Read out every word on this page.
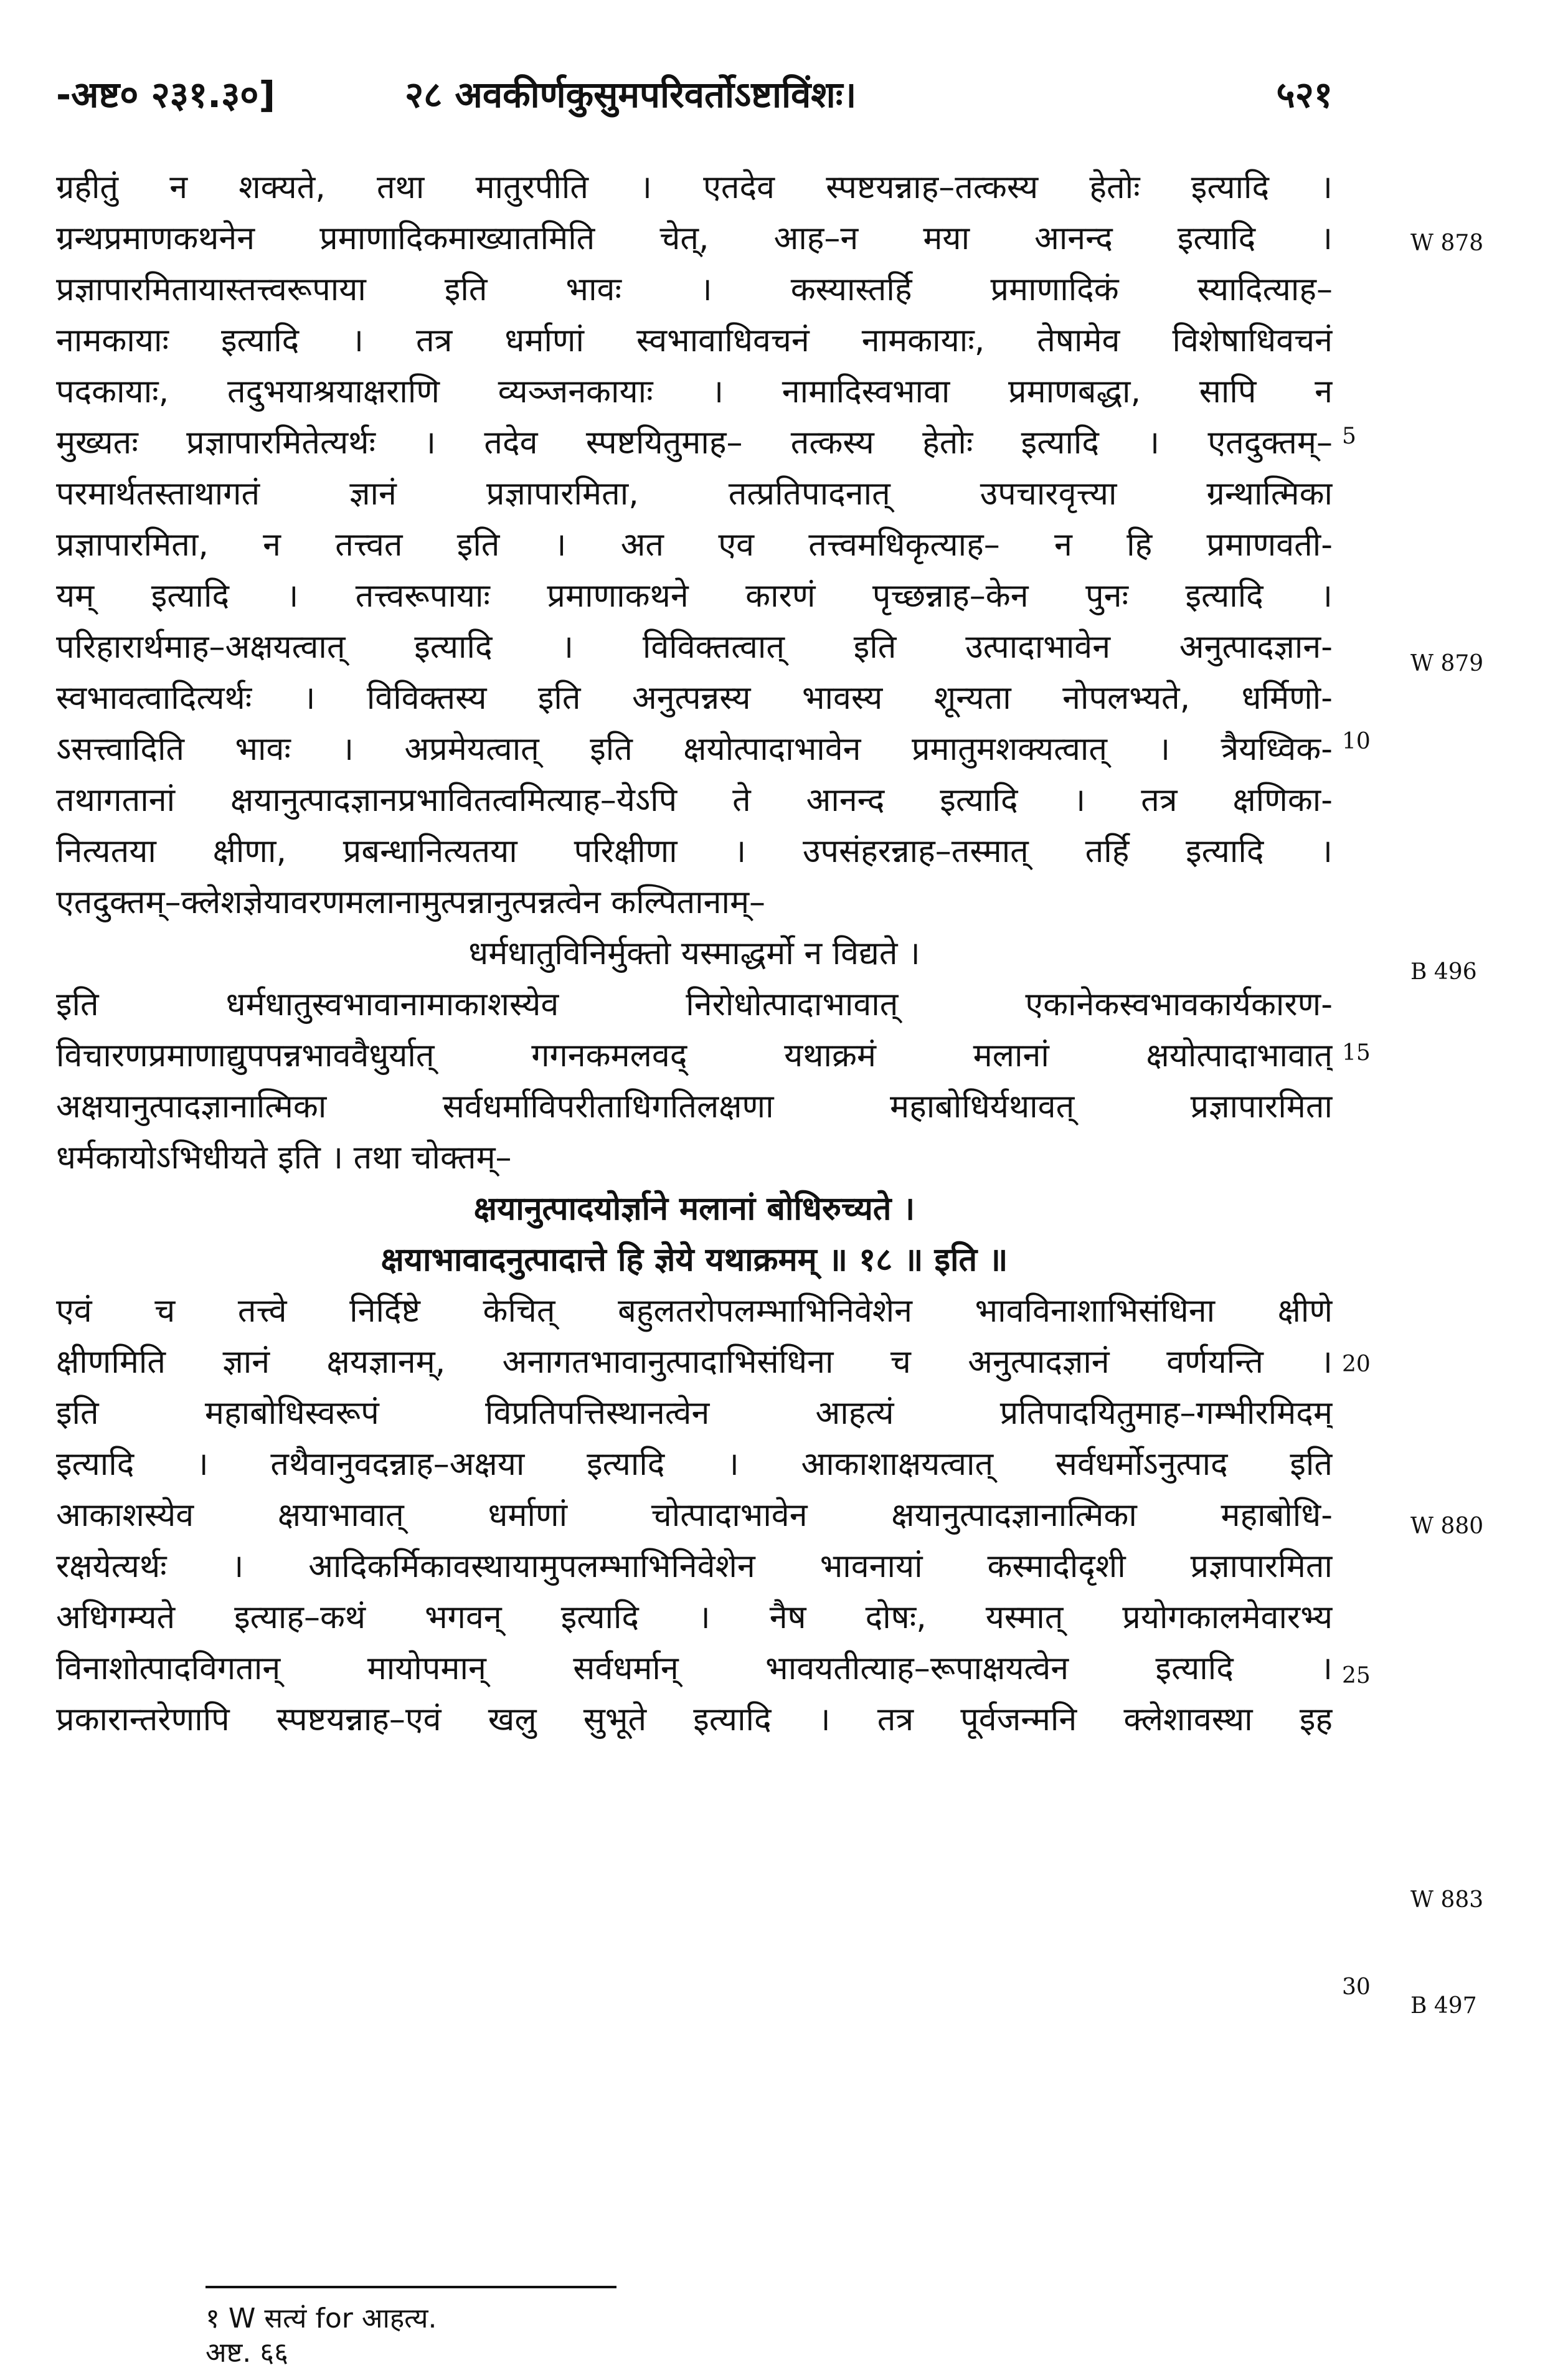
-अष्ट० २३१.३०]	२८ अवकीर्णकुसुमपरिवर्तोऽष्टाविंशः।	५२१
ग्रहीतुं न शक्यते, तथा मातुरपीति । एतदेव स्पष्टयन्नाह–तत्कस्य हेतोः इत्यादि ।
ग्रन्थप्रमाणकथनेन प्रमाणादिकमाख्यातमिति चेत्, आह–न मया आनन्द इत्यादि ।
प्रज्ञापारमितायास्तत्त्वरूपाया इति भावः । कस्यास्तर्हि प्रमाणादिकं स्यादित्याह–
नामकायाः इत्यादि । तत्र धर्माणां स्वभावाधिवचनं नामकायाः, तेषामेव विशेषाधिवचनं
पदकायाः, तदुभयाश्रयाक्षराणि व्यञ्जनकायाः । नामादिस्वभावा प्रमाणबद्धा, सापि न
मुख्यतः प्रज्ञापारमितेत्यर्थः । तदेव स्पष्टयितुमाह– तत्कस्य हेतोः इत्यादि । एतदुक्तम्–
परमार्थतस्ताथागतं ज्ञानं प्रज्ञापारमिता, तत्प्रतिपादनात् उपचारवृत्त्या ग्रन्थात्मिका
प्रज्ञापारमिता, न तत्त्वत इति । अत एव तत्त्वमधिकृत्याह– न हि प्रमाणवती-
यम् इत्यादि । तत्त्वरूपायाः प्रमाणाकथने कारणं पृच्छन्नाह–केन पुनः इत्यादि ।
परिहारार्थमाह–अक्षयत्वात् इत्यादि । विविक्तत्वात् इति उत्पादाभावेन अनुत्पादज्ञान-
स्वभावत्वादित्यर्थः । विविक्तस्य इति अनुत्पन्नस्य भावस्य शून्यता नोपलभ्यते, धर्मिणो-
ऽसत्त्वादिति भावः । अप्रमेयत्वात् इति क्षयोत्पादाभावेन प्रमातुमशक्यत्वात् । त्रैयध्विक-
तथागतानां क्षयानुत्पादज्ञानप्रभावितत्वमित्याह–येऽपि ते आनन्द इत्यादि । तत्र क्षणिका-
नित्यतया क्षीणा, प्रबन्धानित्यतया परिक्षीणा । उपसंहरन्नाह–तस्मात् तर्हि इत्यादि ।
एतदुक्तम्–क्लेशज्ञेयावरणमलानामुत्पन्नानुत्पन्नत्वेन कल्पितानाम्–
धर्मधातुविनिर्मुक्तो यस्माद्धर्मो न विद्यते ।
इति धर्मधातुस्वभावानामाकाशस्येव निरोधोत्पादाभावात् एकानेकस्वभावकार्यकारण-
विचारणप्रमाणाद्युपपन्नभाववैधुर्यात् गगनकमलवद् यथाक्रमं मलानां क्षयोत्पादाभावात्
अक्षयानुत्पादज्ञानात्मिका सर्वधर्माविपरीताधिगतिलक्षणा महाबोधिर्यथावत् प्रज्ञापारमिता
धर्मकायोऽभिधीयते इति । तथा चोक्तम्–
क्षयानुत्पादयोर्ज्ञाने मलानां बोधिरुच्यते ।
क्षयाभावादनुत्पादात्ते हि ज्ञेये यथाक्रमम् ॥ १८ ॥ इति ॥
एवं च तत्त्वे निर्दिष्टे केचित् बहुलतरोपलम्भाभिनिवेशेन भावविनाशाभिसंधिना क्षीणे
क्षीणमिति ज्ञानं क्षयज्ञानम्, अनागतभावानुत्पादाभिसंधिना च अनुत्पादज्ञानं वर्णयन्ति ।
इति महाबोधिस्वरूपं विप्रतिपत्तिस्थानत्वेन आहत्यं प्रतिपादयितुमाह–गम्भीरमिदम्
इत्यादि । तथैवानुवदन्नाह–अक्षया इत्यादि । आकाशाक्षयत्वात् सर्वधर्मोऽनुत्पाद इति
आकाशस्येव क्षयाभावात् धर्माणां चोत्पादाभावेन क्षयानुत्पादज्ञानात्मिका महाबोधि-
रक्षयेत्यर्थः । आदिकर्मिकावस्थायामुपलम्भाभिनिवेशेन भावनायां कस्मादीदृशी प्रज्ञापारमिता
अधिगम्यते इत्याह–कथं भगवन् इत्यादि । नैष दोषः, यस्मात् प्रयोगकालमेवारभ्य
विनाशोत्पादविगतान् मायोपमान् सर्वधर्मान् भावयतीत्याह–रूपाक्षयत्वेन इत्यादि ।
प्रकारान्तरेणापि स्पष्टयन्नाह–एवं खलु सुभूते इत्यादि । तत्र पूर्वजन्मनि क्लेशावस्था इह
5
10
15
20
25
30
W 878
W 879
B 496
W 880
W 883
B 497
१ W सत्यं for आहत्य.
अष्ट. ६६
